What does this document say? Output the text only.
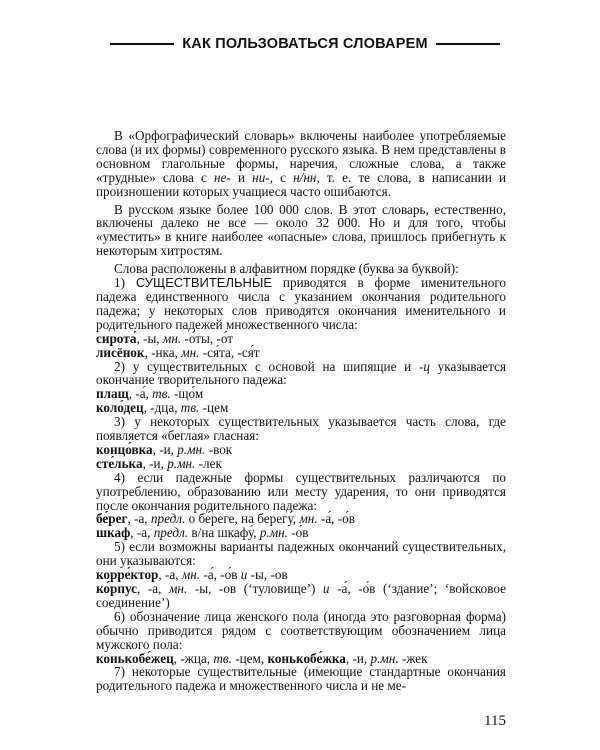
КАК ПОЛЬЗОВАТЬСЯ СЛОВАРЕМ

В «Орфографический словарь» включены наиболее употребляемые слова (и их формы) современного русского языка. В нем представлены в основном глагольные формы, наречия, сложные слова, а также «трудные» слова с не- и ни-, с н/нн, т. е. те слова, в написании и произношении которых учащиеся часто ошибаются.

В русском языке более 100 000 слов. В этот словарь, естественно, включены далеко не все — около 32 000. Но и для того, чтобы «уместить» в книге наиболее «опасные» слова, пришлось прибегнуть к некоторым хитростям.

Слова расположены в алфавитном порядке (буква за буквой):

1) СУЩЕСТВИТЕЛЬНЫЕ приводятся в форме именительного падежа единственного числа с указанием окончания родительного падежа; у некоторых слов приводятся окончания именительного и родительного падежей множественного числа:

сирота́, -ы, мн. -о́ты, -о́т

лисёнок, -нка, мн. -ся́та, -ся́т

2) у существительных с основой на шипящие и -ц указывается окончание творительного падежа:

плащ, -а́, тв. -що́м

коло́дец, -дца, тв. -цем

3) у некоторых существительных указывается часть слова, где появляется «беглая» гласная:

концо́вка, -и, р.мн. -вок

сте́лька, -и, р.мн. -лек

4) если падежные формы существительных различаются по употреблению, образованию или месту ударения, то они приводятся после окончания родительного падежа:

бе́рег, -а, предл. о бе́реге, на берегу́, мн. -а́, -о́в

шкаф, -а, предл. в/на шкафу́, р.мн. -о́в

5) если возможны варианты падежных окончаний существительных, они указываются:

корре́ктор, -а, мн. -а́, -о́в и -ы, -ов

ко́рпус, -а, мн. -ы, -ов (‘туловище’) и -а́, -о́в (‘здание’; ‘войсковое соединение’)

6) обозначение лица женского пола (иногда это разговорная форма) обычно приводится рядом с соответствующим обозначением лица мужского пола:

конькобе́жец, -жца, тв. -цем, конькобе́жка, -и, р.мн. -жек

7) некоторые существительные (имеющие стандартные окончания родительного падежа и множественного числа и не ме-

115
